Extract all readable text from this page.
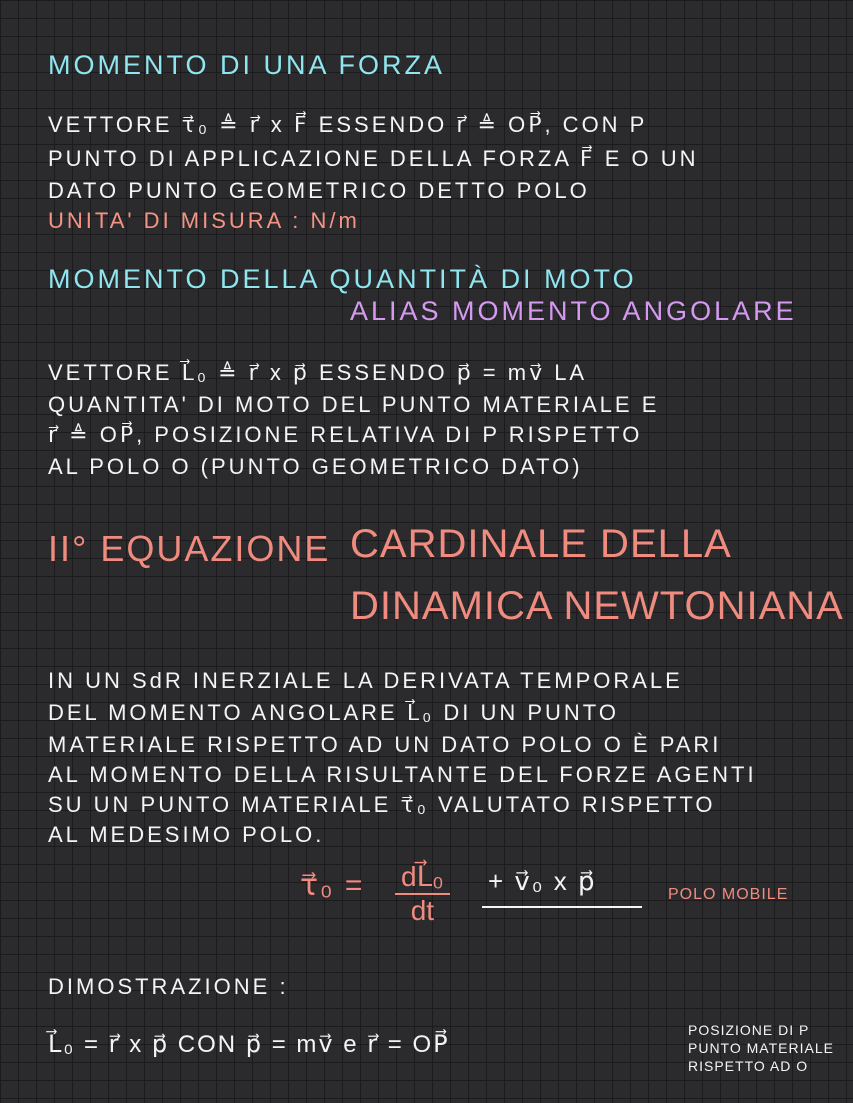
MOMENTO DI UNA FORZA
VETTORE τ⃗₀ ≜ r⃗ x F⃗ ESSENDO r⃗ ≜ OP⃗, CON P
PUNTO DI APPLICAZIONE DELLA FORZA F⃗ E O UN
DATO PUNTO GEOMETRICO DETTO POLO
UNITA' DI MISURA : N/m
MOMENTO DELLA QUANTITÀ DI MOTO
ALIAS MOMENTO ANGOLARE
VETTORE L⃗₀ ≜ r⃗ x p⃗ ESSENDO p⃗ = mv⃗ LA
QUANTITA' DI MOTO DEL PUNTO MATERIALE E
r⃗ ≜ OP⃗, POSIZIONE RELATIVA DI P RISPETTO
AL POLO O (PUNTO GEOMETRICO DATO)
II° EQUAZIONE CARDINALE DELLA
DINAMICA NEWTONIANA
IN UN SdR INERZIALE LA DERIVATA TEMPORALE
DEL MOMENTO ANGOLARE L⃗₀ DI UN PUNTO
MATERIALE RISPETTO AD UN DATO POLO O È PARI
AL MOMENTO DELLA RISULTANTE DEL FORZE AGENTI
SU UN PUNTO MATERIALE τ⃗₀ VALUTATO RISPETTO
AL MEDESIMO POLO.
τ⃗₀ = $\frac{\text{dL⃗₀}}{dt}$ + v⃗₀ x p⃗	POLO MOBILE
DIMOSTRAZIONE :
L⃗₀ = r⃗ x p⃗ CON p⃗ = mv⃗ e r⃗ = OP⃗
POSIZIONE DI P
PUNTO MATERIALE
RISPETTO AD O
